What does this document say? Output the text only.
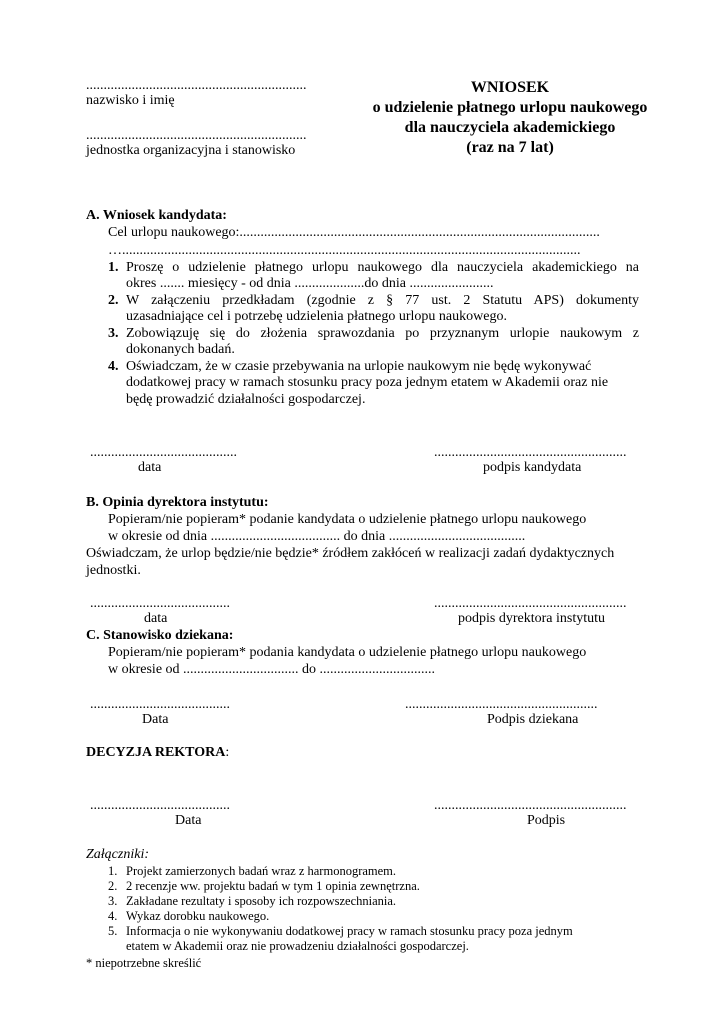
...............................................................
nazwisko i imię
...............................................................
jednostka organizacyjna i stanowisko
WNIOSEK
o udzielenie płatnego urlopu naukowego
dla nauczyciela akademickiego
(raz na 7 lat)
A. Wniosek kandydata:
Cel urlopu naukowego:.......................................................................................................
…...................................................................................................................................
1. Proszę o udzielenie płatnego urlopu naukowego dla nauczyciela akademickiego na
okres ....... miesięcy - od dnia ....................do dnia ........................
2. W załączeniu przedkładam (zgodnie z § 77 ust. 2 Statutu APS) dokumenty
uzasadniające cel i potrzebę udzielenia płatnego urlopu naukowego.
3. Zobowiązuję się do złożenia sprawozdania po przyznanym urlopie naukowym z
dokonanych badań.
4. Oświadczam, że w czasie przebywania na urlopie naukowym nie będę wykonywać
dodatkowej pracy w ramach stosunku pracy poza jednym etatem w Akademii oraz nie
będę prowadzić działalności gospodarczej.
..........................................
data
.......................................................
podpis kandydata
B. Opinia dyrektora instytutu:
Popieram/nie popieram* podanie kandydata o udzielenie płatnego urlopu naukowego
w okresie od dnia ..................................... do dnia .......................................
Oświadczam, że urlop będzie/nie będzie* źródłem zakłóceń w realizacji zadań dydaktycznych
jednostki.
........................................
data
.......................................................
podpis dyrektora instytutu
C. Stanowisko dziekana:
Popieram/nie popieram* podania kandydata o udzielenie płatnego urlopu naukowego
w okresie od ................................. do .................................
........................................
Data
.......................................................
Podpis dziekana
DECYZJA REKTORA:
........................................
Data
.......................................................
Podpis
Załączniki:
1. Projekt zamierzonych badań wraz z harmonogramem.
2. 2 recenzje ww. projektu badań w tym 1 opinia zewnętrzna.
3. Zakładane rezultaty i sposoby ich rozpowszechniania.
4. Wykaz dorobku naukowego.
5. Informacja o nie wykonywaniu dodatkowej pracy w ramach stosunku pracy poza jednym
etatem w Akademii oraz nie prowadzeniu działalności gospodarczej.
* niepotrzebne skreślić
